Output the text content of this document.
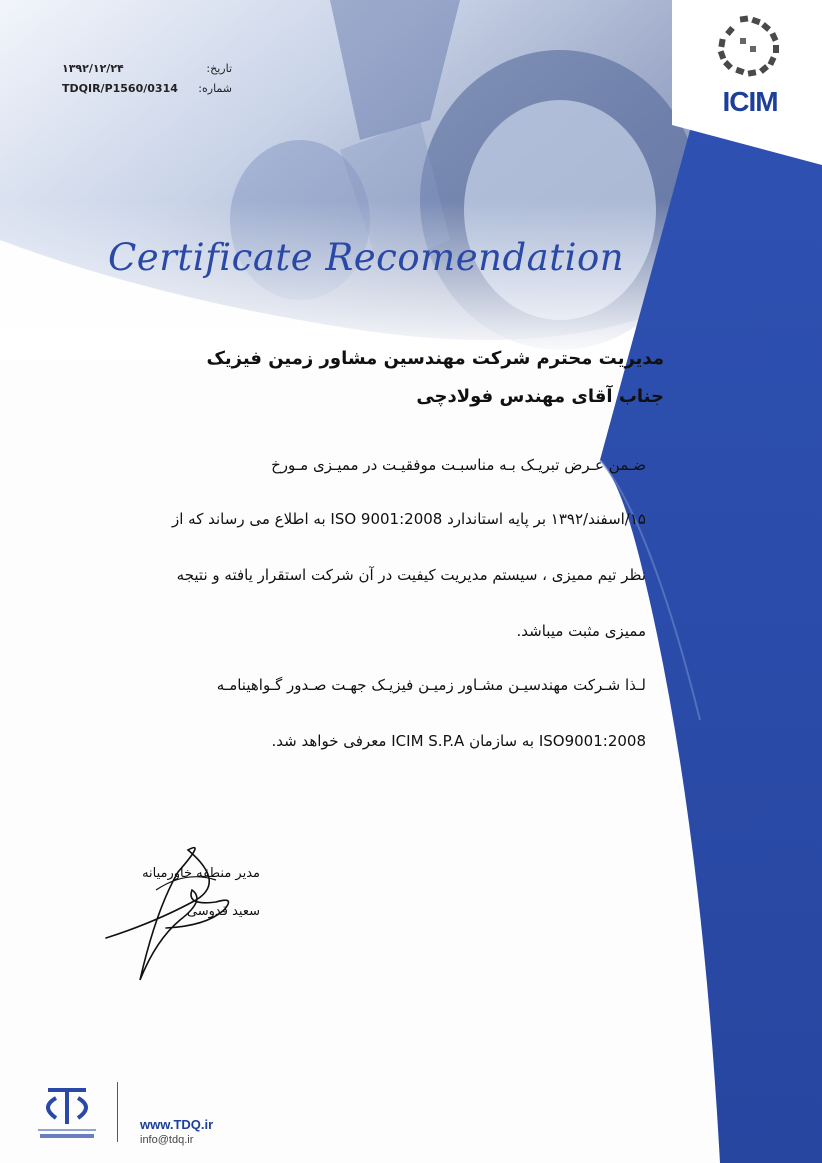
۱۳۹۲/۱۲/۲۴	تاریخ:
TDQIR/P1560/0314 شماره:	ICIM
Certificate Recomendation
مدیریت محترم شرکت مهندسین مشاور زمین فیزیک
جناب آقای مهندس فولادچی
ضـمن عـرض تبریـک بـه مناسبـت موفقیـت در ممیـزی مـورخ
۱۵/اسفند/۱۳۹۲ بر پایه استاندارد ISO 9001:2008 به اطلاع می رساند که از
نظر تیم ممیزی ، سیستم مدیریت کیفیت در آن شرکت استقرار یافته و نتیجه
ممیزی مثبت میباشد.
لـذا شـرکت مهندسیـن مشـاور زمیـن فیزیـک جهـت صـدور گـواهینامـه
ISO9001:2008 به سازمان ICIM S.P.A معرفی خواهد شد.
مدیر منطقه خاورمیانه
سعید قدوسی
www.TDQ.ir
info@tdq.ir
